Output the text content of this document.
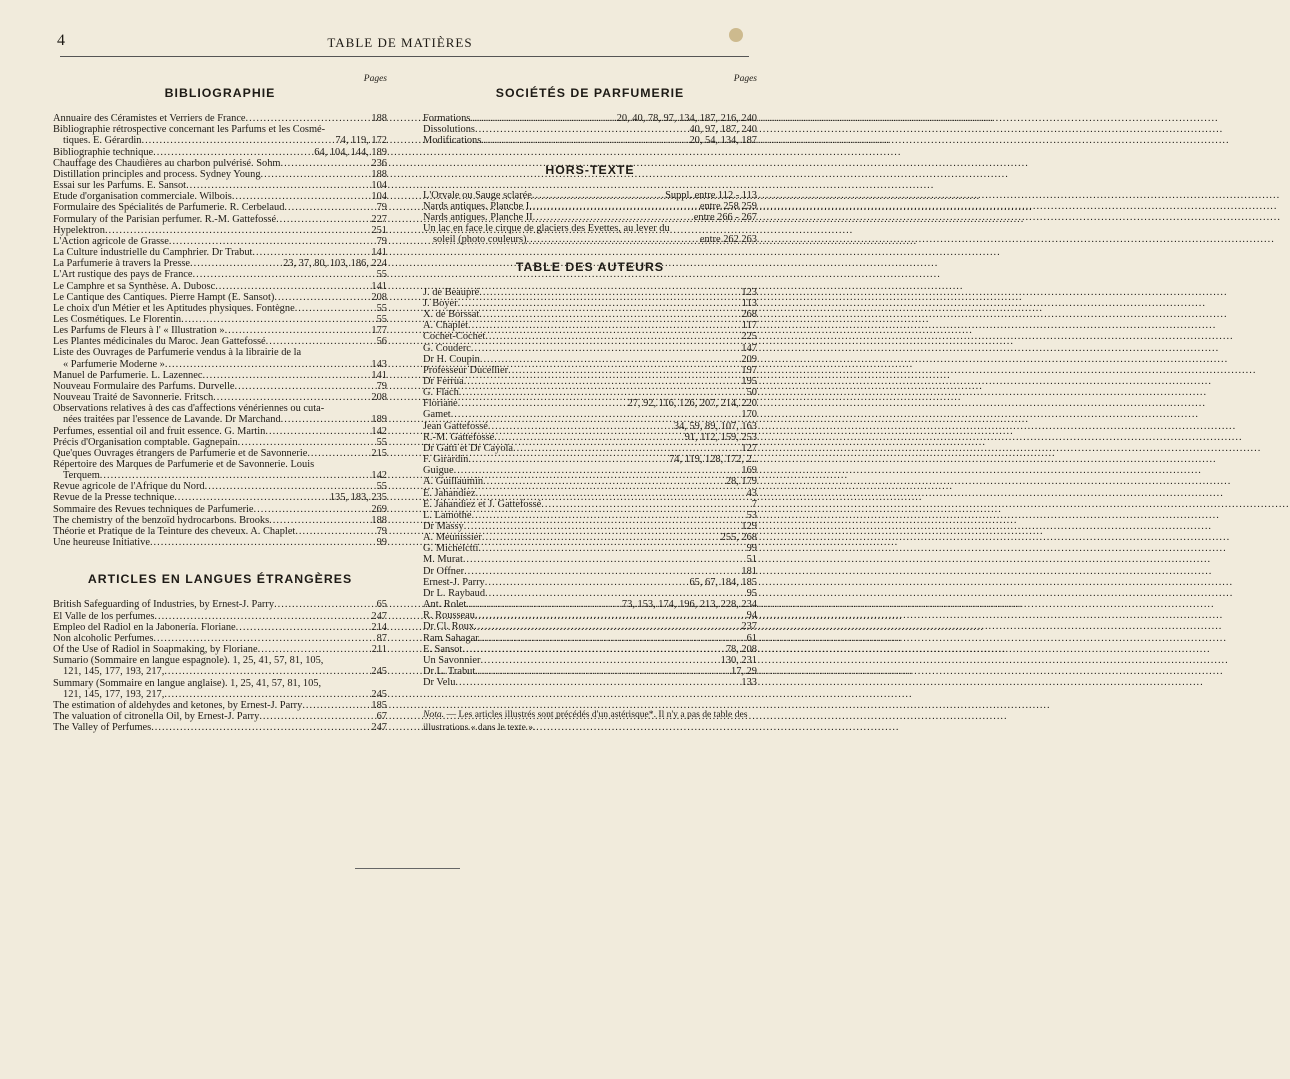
4	TABLE DE MATIÈRES
Pages
BIBLIOGRAPHIE
Annuaire des Céramistes et Verriers de France .....	188
Bibliographie rétrospective concernant les Parfums et les Cosmé-
tiques. E. Gérardin .....	74, 119, 172
Bibliographie technique .....	64, 104, 144, 189
Chauffage des Chaudières au charbon pulvérisé. Sohm .....	236
Distillation principles and process. Sydney Young .....	188
Essai sur les Parfums. E. Sansot .....	104
Etude d'organisation commerciale. Wilbois .....	104
Formulaire des Spécialités de Parfumerie. R. Cerbelaud .....	79
Formulary of the Parisian perfumer. R.-M. Gattefossé .....	227
Hypelektron .....	251
L'Action agricole de Grasse .....	79
La Culture industrielle du Camphrier. Dr Trabut .....	141
La Parfumerie à travers la Presse .....	23, 37, 80, 103, 186, 224
L'Art rustique des pays de France .....	55
Le Camphre et sa Synthèse. A. Dubosc .....	141
Le Cantique des Cantiques. Pierre Hampt (E. Sansot) .....	208
Le choix d'un Métier et les Aptitudes physiques. Fontègne .....	55
Les Cosmétiques. Le Florentin .....	55
Les Parfums de Fleurs à l' « Illustration » .....	177
Les Plantes médicinales du Maroc. Jean Gattefossé .....	56
Liste des Ouvrages de Parfumerie vendus à la librairie de la
« Parfumerie Moderne » .....	143
Manuel de Parfumerie. L. Lazennec .....	141
Nouveau Formulaire des Parfums. Durvelle .....	79
Nouveau Traité de Savonnerie. Fritsch .....	208
Observations relatives à des cas d'affections vénériennes ou cuta-
nées traitées par l'essence de Lavande. Dr Marchand .....	189
Perfumes, essential oil and fruit essence. G. Martin .....	142
Précis d'Organisation comptable. Gagnepain .....	55
Que'ques Ouvrages étrangers de Parfumerie et de Savonnerie .....	215
Répertoire des Marques de Parfumerie et de Savonnerie. Louis
Terquem .....	142
Revue agricole de l'Afrique du Nord .....	55
Revue de la Presse technique .....	135, 183, 235
Sommaire des Revues techniques de Parfumerie .....	269
The chemistry of the benzoïd hydrocarbons. Brooks .....	188
Théorie et Pratique de la Teinture des cheveux. A. Chaplet .....	79
Une heureuse Initiative .....	99
ARTICLES EN LANGUES ÉTRANGÈRES
British Safeguarding of Industries, by Ernest-J. Parry .....	65
El Valle de los perfumes .....	247
Empleo del Radiol en la Jabonería. Floriane .....	214
Non alcoholic Perfumes .....	87
Of the Use of Radiol in Soapmaking, by Floriane .....	211
Sumario (Sommaire en langue espagnole). 1, 25, 41, 57, 81, 105,
121, 145, 177, 193, 217, .....	245
Summary (Sommaire en langue anglaise). 1, 25, 41, 57, 81, 105,
121, 145, 177, 193, 217, .....	245
The estimation of aldehydes and ketones, by Ernest-J. Parry .....	185
The valuation of citronella Oil, by Ernest-J. Parry .....	67
The Valley of Perfumes .....	247
Pages
SOCIÉTÉS DE PARFUMERIE
Formations .....	20, 40, 78, 97, 134, 187, 216, 240
Dissolutions .....	40, 97, 187, 240
Modifications .....	20, 54, 134, 187
HORS-TEXTE
L'Orvale ou Sauge sclarée .....	Suppl. entre 112 - 113
Nards antiques. Planche I .....	entre 258 259
Nards antiques. Planche II .....	entre 266 - 267
Un lac en face le cirque de glaciers des Evettes, au lever du
soleil (photo couleurs) .....	entre 262 263
TABLE DES AUTEURS
J. de Beaupré .....	123
J. Boyer .....	113
X. de Borssat .....	268
A. Chaplet .....	117
Cochet-Cochet .....	225
G. Couderc .....	147
Dr H. Coupin .....	209
Professeur Ducellier .....	197
Dr Ferrua .....	195
G. Flach .....	50
Floriane .....	27, 92, 116, 126, 207, 214, 220
Gamet .....	170
Jean Gattefossé .....	34, 59, 89, 107, 163
R.-M. Gattefossé .....	91, 112, 159, 253
Dr Gatti et Dr Cayola .....	127
F. Girardin .....	74, 119, 128, 172, 2..
Guigue .....	169
A. Guillaumin .....	28, 179
E. Jahandiez .....	43
E. Jahandiez et J. Gattefossé .....	7
L. Lamothe .....	53
Dr Massy .....	129
A. Meunissier .....	255, 268
G. Michelctti .....	99
M. Murat .....	51
Dr Offner .....	181
Ernest-J. Parry .....	65, 67, 184, 185
Dr L. Raybaud .....	95
Ant. Rolet .....	73, 153, 174, 196, 213, 228, 234
R. Rousseau .....	94
Dr Cl. Roux .....	237
Ram Sahagar .....	61
E. Sansot .....	78, 208
Un Savonnier .....	130, 231
Dr L. Trabut .....	17, 29
Dr Velu .....	133
Nota. — Les articles illustrés sont précédés d'un astérisque*. Il n'y a pas de table des illustrations « dans le texte ».
